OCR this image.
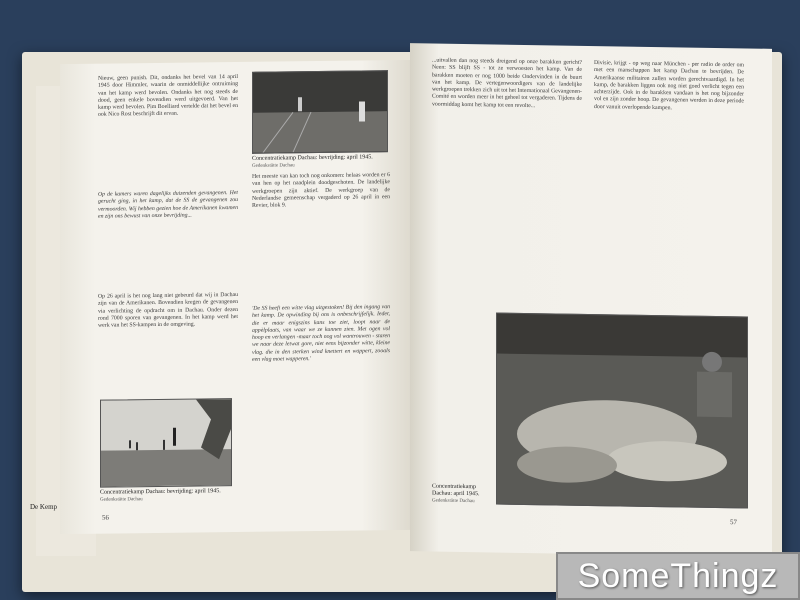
De Kemp
Nieuw, geen punish. Dit, ondanks het bevel van 14 april 1945 door Himmler, waarin de onmiddellijke ontruiming van het kamp werd bevolen. Ondanks het nog steeds de dood, geen enkele bovendien werd uitgevoerd. Van het kamp werd bevolen. Pim Boelliard vertelde dat het bevel en ook Nico Rost beschrijft dit ervan.
Op de kamers waren dagelijks duizenden gevangenen. Het gerucht ging, in het kamp, dat de SS de gevangenen zou vermoorden. Wij hebben gezien hoe de Amerikanen kwamen en zijn ons bewust van onze bevrijding...
Op 26 april is het nog lang niet gebeurd dat wij in Dachau zijn van de Amerikanen. Bovendien kregen de gevangenen via verlichting de opdracht om in Dachau. Onder dezen rond 7000 sporen van gevangenen. In het kamp werd het werk van het SS-kampen in de omgeving.
Concentratiekamp Dachau: bevrijding: april 1945.
Gedenkstätte Dachau
Concentratiekamp Dachau: bevrijding: april 1945.
Gedenkstätte Dachau
Het meeste van kan toch nog onkomen: helaas worden er 6 van hen op het naadplein doodgeschoten. De landelijke werkgroepen zijn aktief. De werkgroep van de Nederlandse gemeenschap vergaderd op 26 april in een Revier, blok 9.
'De SS heeft een witte vlag uitgestoken! Bij den ingang van het kamp. De opwinding bij ons is onbeschrijfelijk. Ieder, die er maar enigszins kans toe ziet, loopt naar de appèlplaats, van waar we ze kunnen zien. Met ogen vol hoop en verlangen -maar toch nog vol wantrouwen - staren we naar deze letwat gore, niet eens bijzonder witte, kleine vlag. die in den sterken wind knettert en wappert, zooals een vlag moet wapperen.'
56
...uitvallen dan nog steeds dreigend op onze barakken gericht? Neen: SS blijft SS - tot ze verwoesten het kamp. Van de barakken moeten er nog 1000 beide Ondervinden in de buurt van het kamp. De vertegenwoordigers van de landelijke werkgroepen trekken zich uit tot het Internationaal Gevangenen-Comité en worden meer in het geheel tot vergaderen. Tijdens de voormiddag komt het kamp tot een revolte...
Divisie, krijgt - op weg naar München - per radio de order om met een manschappen het kamp Dachau te bevrijden. De Amerikaanse militairen zullen worden gerechtvaardigd. In het kamp, de barakken liggen ook nog niet goed verlicht tegen een achterzijde. Ook in de barakken vandaan is het nog bijzonder vol en zijn zonder hoop. De gevangenen werden in deze periode door vanuit overlopende kampen.
Concentratiekamp Dachau: april 1945.
Gedenkstätte Dachau
57
SomeThingz
